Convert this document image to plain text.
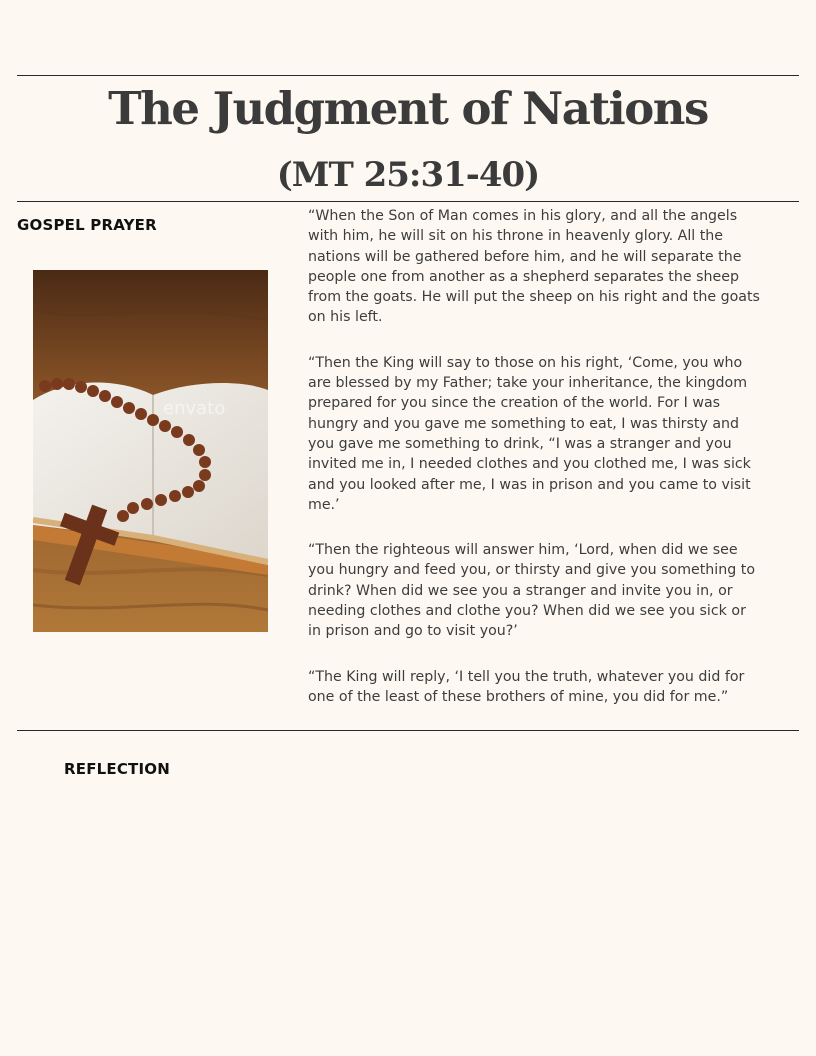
The Judgment of Nations
(MT 25:31-40)
GOSPEL PRAYER
envato

“When the Son of Man comes in his glory, and all the angels with him, he will sit on his throne in heavenly glory. All the nations will be gathered before him, and he will separate the people one from another as a shepherd separates the sheep from the goats. He will put the sheep on his right and the goats on his left.

“Then the King will say to those on his right, ‘Come, you who are blessed by my Father; take your inheritance, the kingdom prepared for you since the creation of the world. For I was hungry and you gave me something to eat, I was thirsty and you gave me something to drink, “I was a stranger and you invited me in, I needed clothes and you clothed me, I was sick and you looked after me, I was in prison and you came to visit me.’

“Then the righteous will answer him, ‘Lord, when did we see you hungry and feed you, or thirsty and give you something to drink? When did we see you a stranger and invite you in, or needing clothes and clothe you? When did we see you sick or in prison and go to visit you?’

“The King will reply, ‘I tell you the truth, whatever you did for one of the least of these brothers of mine, you did for me.”

REFLECTION
